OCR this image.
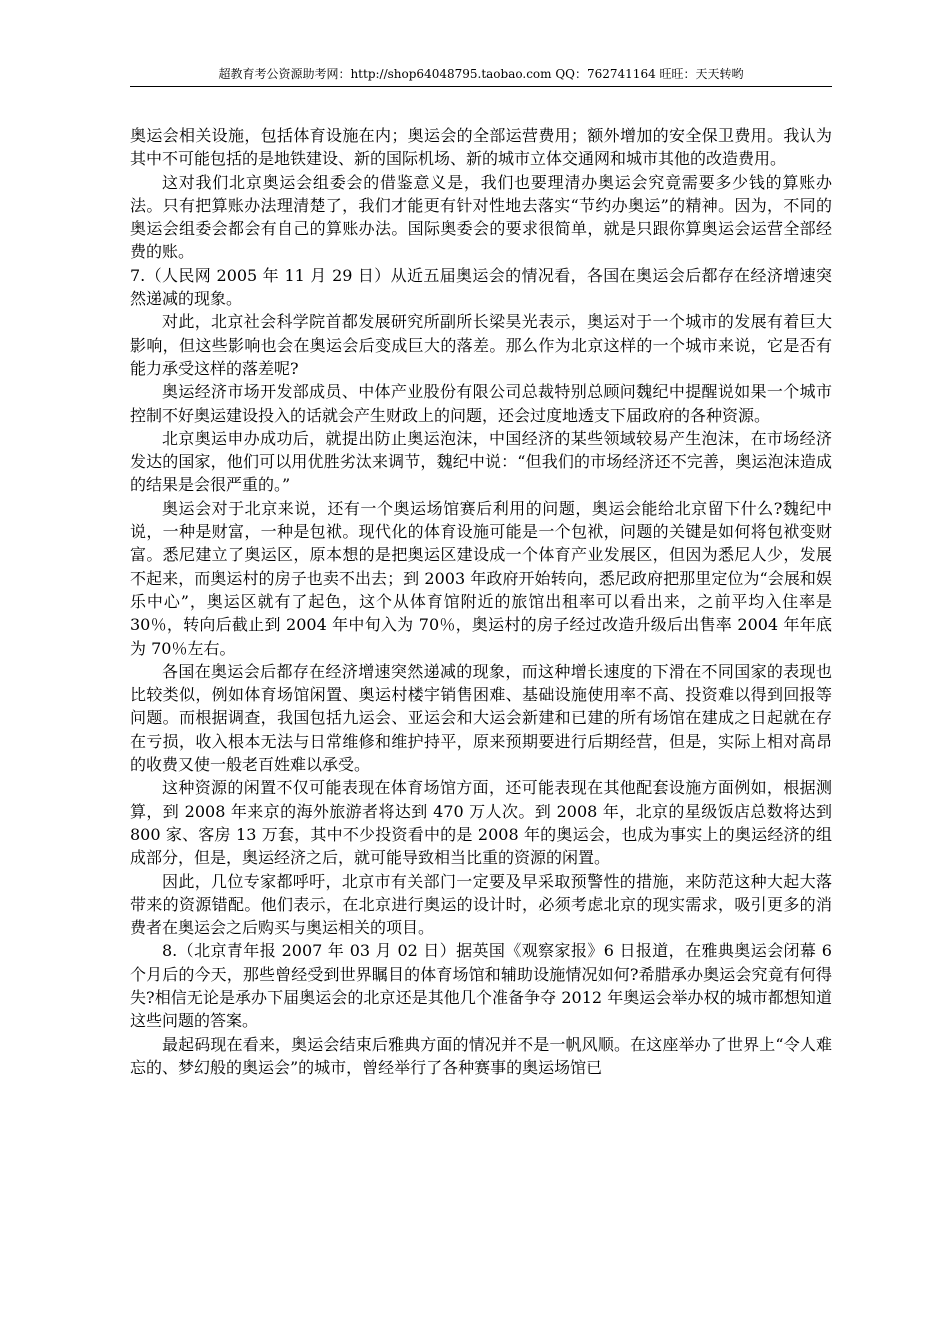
超教育考公资源助考网：http://shop64048795.taobao.com QQ：762741164 旺旺：天天转哟

奥运会相关设施，包括体育设施在内；奥运会的全部运营费用；额外增加的安全保卫费用。我认为其中不可能包括的是地铁建设、新的国际机场、新的城市立体交通网和城市其他的改造费用。

这对我们北京奥运会组委会的借鉴意义是，我们也要理清办奥运会究竟需要多少钱的算账办法。只有把算账办法理清楚了，我们才能更有针对性地去落实“节约办奥运”的精神。因为，不同的奥运会组委会都会有自己的算账办法。国际奥委会的要求很简单，就是只跟你算奥运会运营全部经费的账。

7.（人民网 2005 年 11 月 29 日）从近五届奥运会的情况看，各国在奥运会后都存在经济增速突然递减的现象。

对此，北京社会科学院首都发展研究所副所长梁昊光表示，奥运对于一个城市的发展有着巨大影响，但这些影响也会在奥运会后变成巨大的落差。那么作为北京这样的一个城市来说，它是否有能力承受这样的落差呢?

奥运经济市场开发部成员、中体产业股份有限公司总裁特别总顾问魏纪中提醒说如果一个城市控制不好奥运建设投入的话就会产生财政上的问题，还会过度地透支下届政府的各种资源。

北京奥运申办成功后，就提出防止奥运泡沫，中国经济的某些领域较易产生泡沫，在市场经济发达的国家，他们可以用优胜劣汰来调节，魏纪中说：“但我们的市场经济还不完善，奥运泡沫造成的结果是会很严重的。”

奥运会对于北京来说，还有一个奥运场馆赛后利用的问题，奥运会能给北京留下什么?魏纪中说，一种是财富，一种是包袱。现代化的体育设施可能是一个包袱，问题的关键是如何将包袱变财富。悉尼建立了奥运区，原本想的是把奥运区建设成一个体育产业发展区，但因为悉尼人少，发展不起来，而奥运村的房子也卖不出去；到 2003 年政府开始转向，悉尼政府把那里定位为“会展和娱乐中心”，奥运区就有了起色，这个从体育馆附近的旅馆出租率可以看出来，之前平均入住率是 30％，转向后截止到 2004 年中旬入为 70％，奥运村的房子经过改造升级后出售率 2004 年年底为 70％左右。

各国在奥运会后都存在经济增速突然递减的现象，而这种增长速度的下滑在不同国家的表现也比较类似，例如体育场馆闲置、奥运村楼宇销售困难、基础设施使用率不高、投资难以得到回报等问题。而根据调查，我国包括九运会、亚运会和大运会新建和已建的所有场馆在建成之日起就在存在亏损，收入根本无法与日常维修和维护持平，原来预期要进行后期经营，但是，实际上相对高昂的收费又使一般老百姓难以承受。

这种资源的闲置不仅可能表现在体育场馆方面，还可能表现在其他配套设施方面例如，根据测算，到 2008 年来京的海外旅游者将达到 470 万人次。到 2008 年，北京的星级饭店总数将达到 800 家、客房 13 万套，其中不少投资看中的是 2008 年的奥运会，也成为事实上的奥运经济的组成部分，但是，奥运经济之后，就可能导致相当比重的资源的闲置。

因此，几位专家都呼吁，北京市有关部门一定要及早采取预警性的措施，来防范这种大起大落带来的资源错配。他们表示，在北京进行奥运的设计时，必须考虑北京的现实需求，吸引更多的消费者在奥运会之后购买与奥运相关的项目。

8.（北京青年报 2007 年 03 月 02 日）据英国《观察家报》6 日报道，在雅典奥运会闭幕 6 个月后的今天，那些曾经受到世界瞩目的体育场馆和辅助设施情况如何?希腊承办奥运会究竟有何得失?相信无论是承办下届奥运会的北京还是其他几个准备争夺 2012 年奥运会举办权的城市都想知道这些问题的答案。

最起码现在看来，奥运会结束后雅典方面的情况并不是一帆风顺。在这座举办了世界上“令人难忘的、梦幻般的奥运会”的城市，曾经举行了各种赛事的奥运场馆已
